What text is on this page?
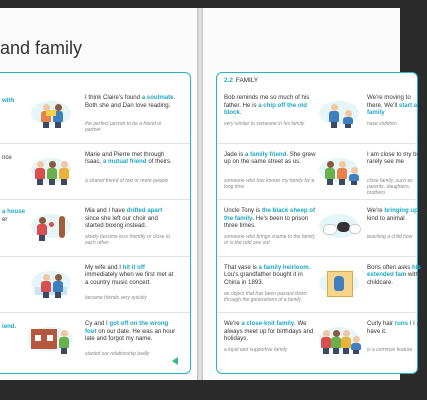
and family
with	I think Claire's found a soulmate. Both she and Dan love reading.
the perfect person to be a friend or partner
nce	Marie and Pierre met through Isaac, a mutual friend of theirs.
a shared friend of two or more people
er
a house	Mia and I have drifted apart since she left our choir and started boxing instead.
slowly become less friendly or close to each other
My wife and I hit it off immediately when we first met at a country music concert.
became friends very quickly
iend.	Cy and I got off on the wrong foot on our date. He was an hour late and forgot my name.
started our relationship badly
2.2 FAMILY
Bob reminds me so much of his father. He is a chip off the old block.
very similar to someone in his family
We're moving to there. We'll start a family
have children
Jade is a family friend. She grew up on the same street as us.
someone who has known my family for a long time
I am close to my but rarely see me
close family, such as parents, daughters, brothers
Uncle Tony is the black sheep of the family. He's been to prison three times.
someone who brings shame to the family or is the odd one out
We're bringing up be kind to animal
teaching a child how
That vase is a family heirloom. Lou's grandfather bought it in China in 1893.
an object that has been passed down through the generations of a family
Boris often asks his extended fam with childcare.
We're a close-knit family. We always meet up for birthdays and holidays.
a loyal and supportive family
Curly hair runs i I all have it.
is a common feature
